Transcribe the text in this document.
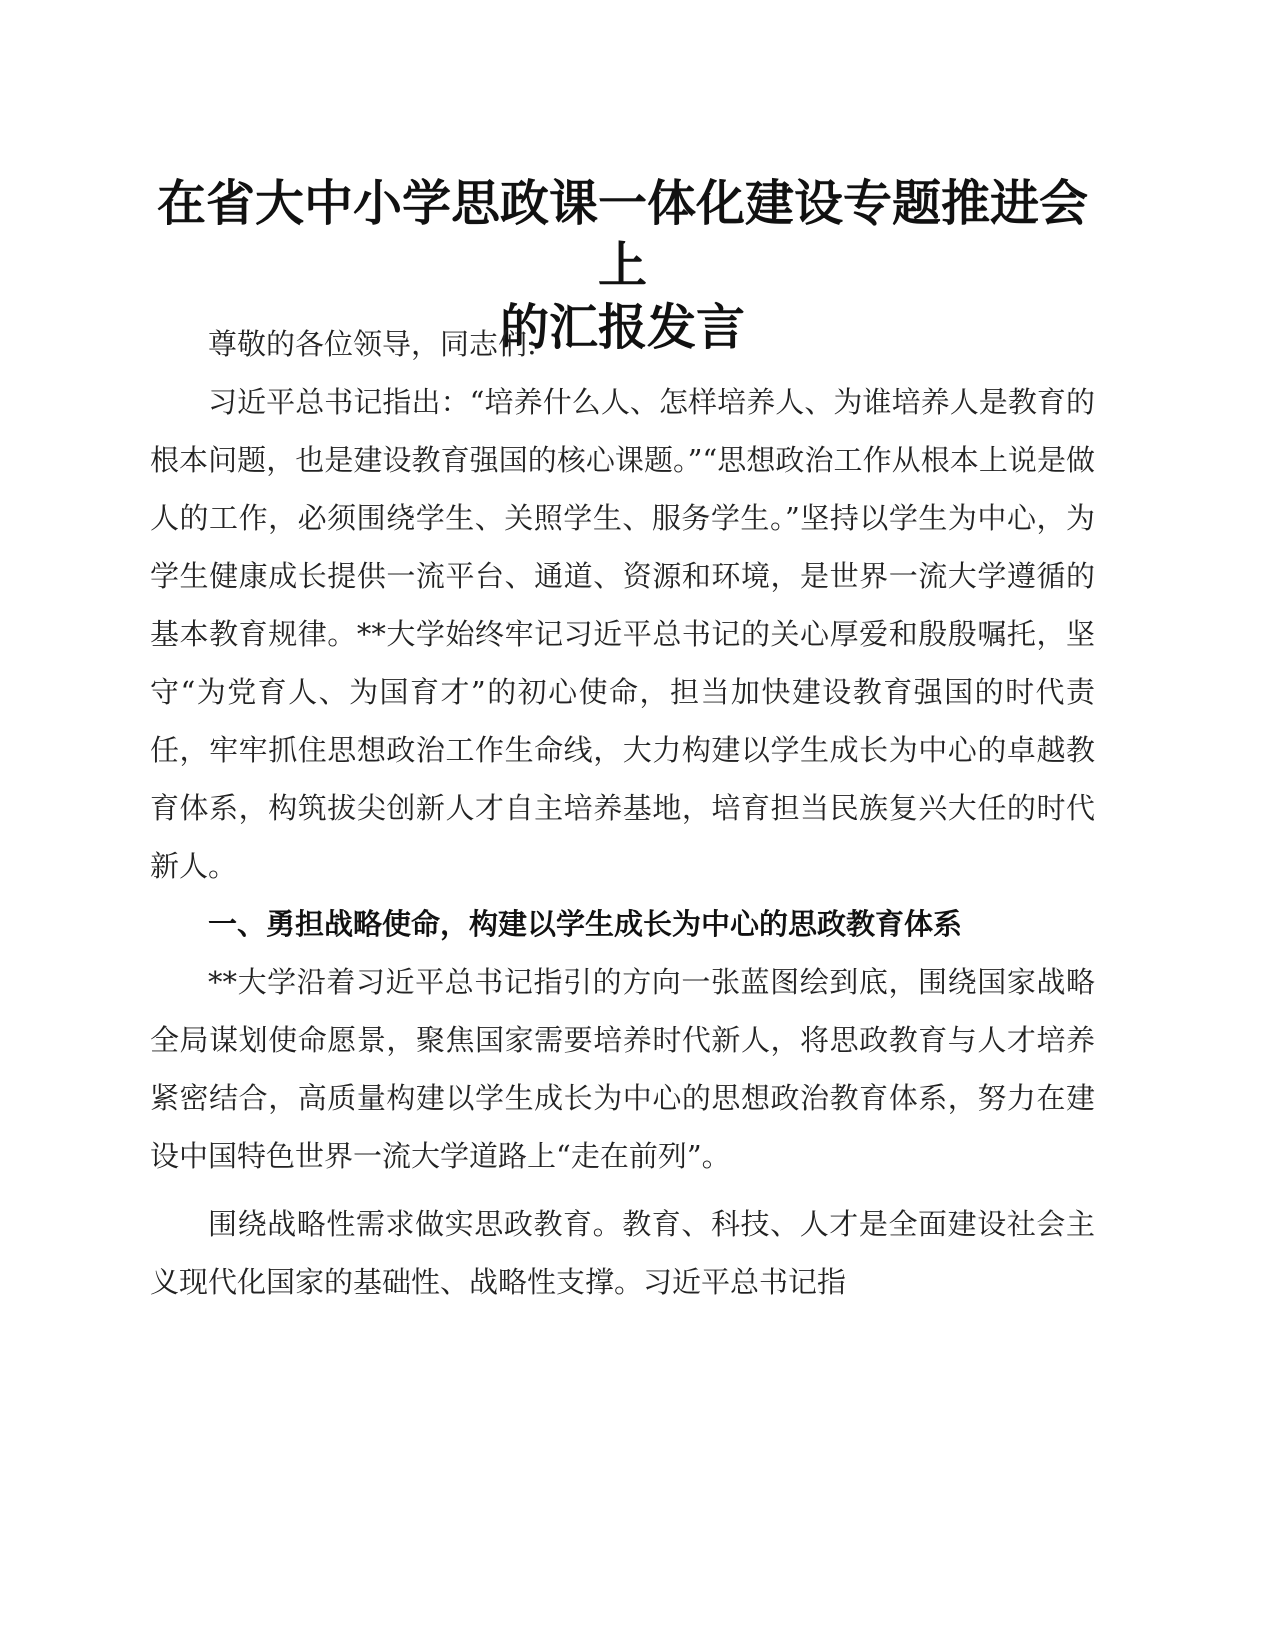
在省大中小学思政课一体化建设专题推进会上
的汇报发言

尊敬的各位领导，同志们:

习近平总书记指出：“培养什么人、怎样培养人、为谁培养人是教育的根本问题，也是建设教育强国的核心课题。”“思想政治工作从根本上说是做人的工作，必须围绕学生、关照学生、服务学生。”坚持以学生为中心，为学生健康成长提供一流平台、通道、资源和环境，是世界一流大学遵循的基本教育规律。**大学始终牢记习近平总书记的关心厚爱和殷殷嘱托，坚守“为党育人、为国育才”的初心使命，担当加快建设教育强国的时代责任，牢牢抓住思想政治工作生命线，大力构建以学生成长为中心的卓越教育体系，构筑拔尖创新人才自主培养基地，培育担当民族复兴大任的时代新人。

一、勇担战略使命，构建以学生成长为中心的思政教育体系

**大学沿着习近平总书记指引的方向一张蓝图绘到底，围绕国家战略全局谋划使命愿景，聚焦国家需要培养时代新人，将思政教育与人才培养紧密结合，高质量构建以学生成长为中心的思想政治教育体系，努力在建设中国特色世界一流大学道路上“走在前列”。

围绕战略性需求做实思政教育。教育、科技、人才是全面建设社会主义现代化国家的基础性、战略性支撑。习近平总书记指
